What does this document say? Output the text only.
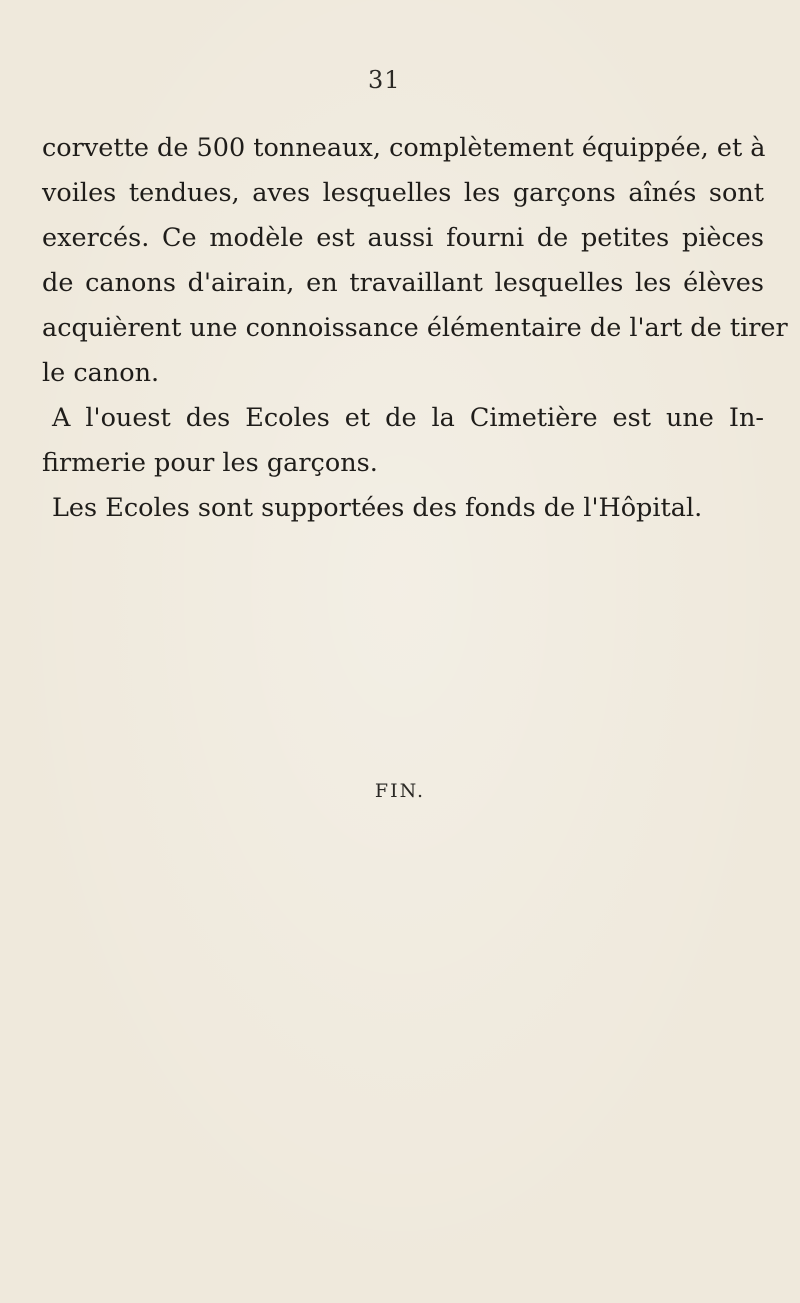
31

corvette de 500 tonneaux, complètement équippée, et à
voiles tendues, aves lesquelles les garçons aînés sont
exercés. Ce modèle est aussi fourni de petites pièces
de canons d'airain, en travaillant lesquelles les élèves
acquièrent une connoissance élémentaire de l'art de tirer
le canon.
A l'ouest des Ecoles et de la Cimetière est une In-
firmerie pour les garçons.
Les Ecoles sont supportées des fonds de l'Hôpital.

FIN.
